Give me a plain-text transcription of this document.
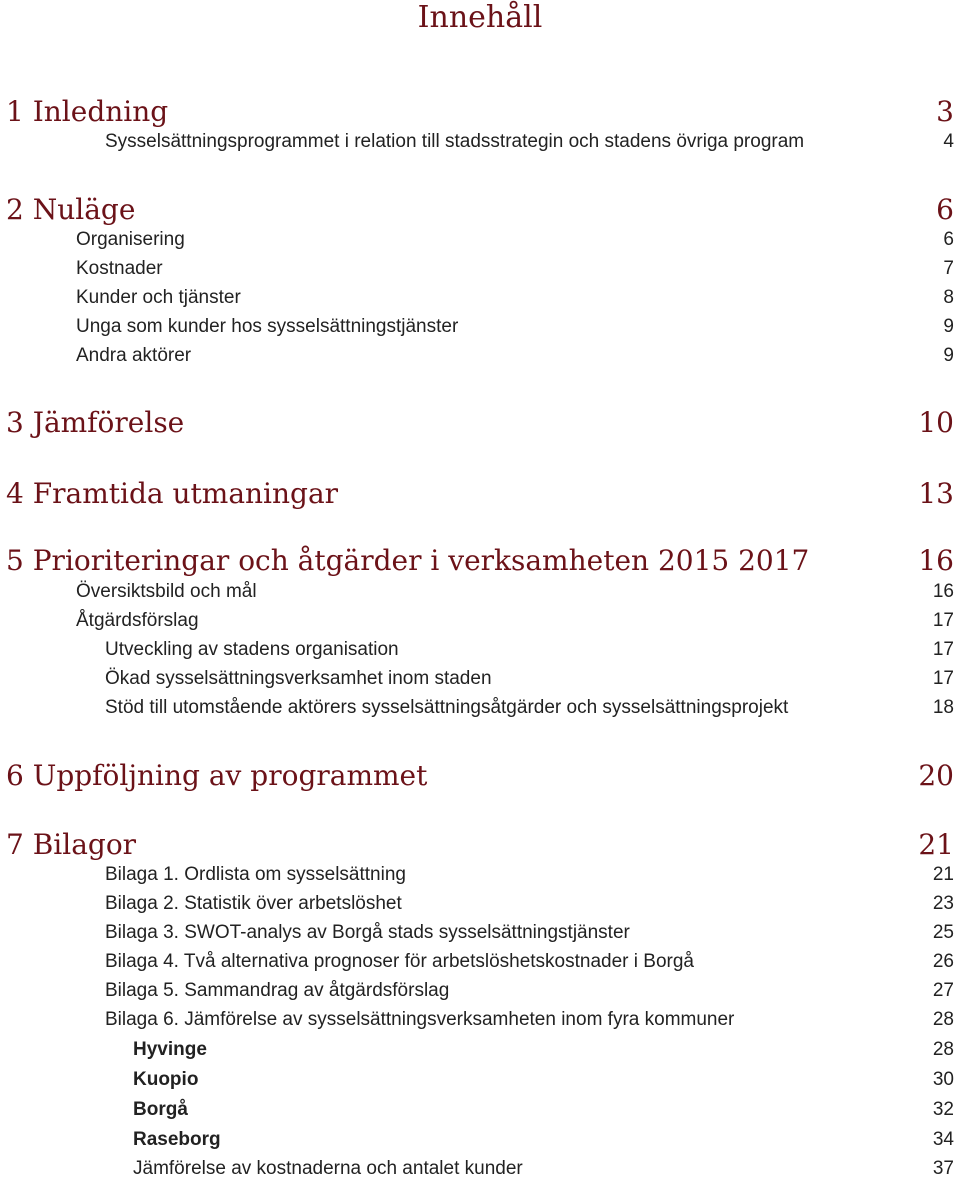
Innehåll
1 Inledning	3
Sysselsättningsprogrammet i relation till stadsstrategin och stadens övriga program	4
2 Nuläge	6
Organisering	6
Kostnader	7
Kunder och tjänster	8
Unga som kunder hos sysselsättningstjänster	9
Andra aktörer	9
3 Jämförelse	10
4 Framtida utmaningar	13
5 Prioriteringar och åtgärder i verksamheten 2015 2017	16
Översiktsbild och mål	16
Åtgärdsförslag	17
Utveckling av stadens organisation	17
Ökad sysselsättningsverksamhet inom staden	17
Stöd till utomstående aktörers sysselsättningsåtgärder och sysselsättningsprojekt	18
6 Uppföljning av programmet	20
7 Bilagor	21
Bilaga 1. Ordlista om sysselsättning	21
Bilaga 2. Statistik över arbetslöshet	23
Bilaga 3. SWOT-analys av Borgå stads sysselsättningstjänster	25
Bilaga 4. Två alternativa prognoser för arbetslöshetskostnader i Borgå	26
Bilaga 5. Sammandrag av åtgärdsförslag	27
Bilaga 6. Jämförelse av sysselsättningsverksamheten inom fyra kommuner	28
Hyvinge	28
Kuopio	30
Borgå	32
Raseborg	34
Jämförelse av kostnaderna och antalet kunder	37
